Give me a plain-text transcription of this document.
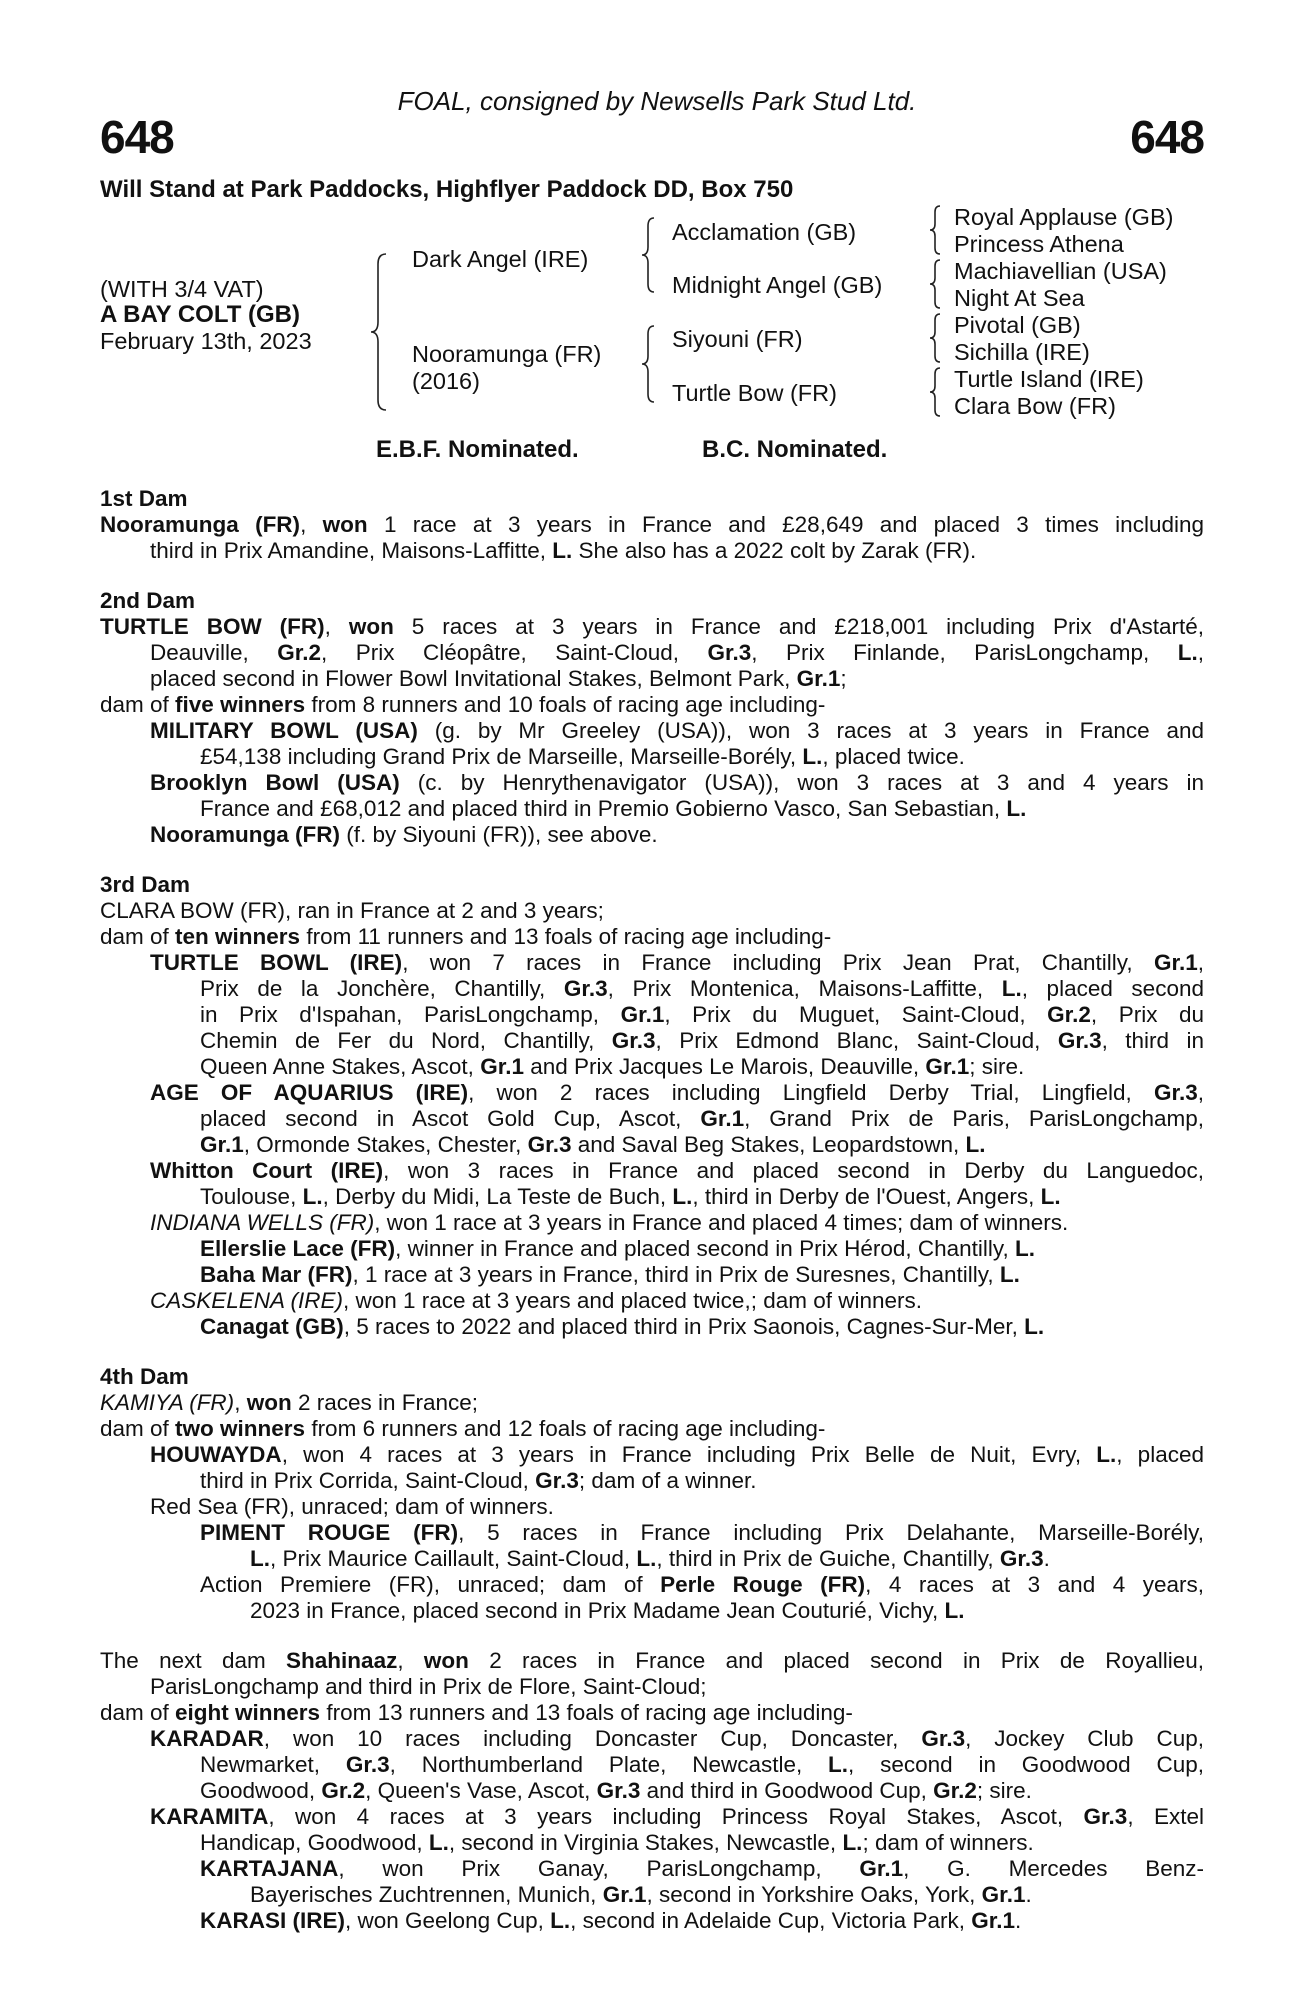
FOAL, consigned by Newsells Park Stud Ltd.
648	648
Will Stand at Park Paddocks, Highflyer Paddock DD, Box 750
(WITH 3/4 VAT)
A BAY COLT (GB)
February 13th, 2023
Dark Angel (IRE)
Nooramunga (FR)
(2016)
Acclamation (GB)
Midnight Angel (GB)
Siyouni (FR)
Turtle Bow (FR)
Royal Applause (GB)
Princess Athena
Machiavellian (USA)
Night At Sea
Pivotal (GB)
Sichilla (IRE)
Turtle Island (IRE)
Clara Bow (FR)
E.B.F. Nominated.	B.C. Nominated.
1st Dam
Nooramunga (FR), won 1 race at 3 years in France and £28,649 and placed 3 times including
third in Prix Amandine, Maisons-Laffitte, L. She also has a 2022 colt by Zarak (FR).
2nd Dam
TURTLE BOW (FR), won 5 races at 3 years in France and £218,001 including Prix d'Astarté,
Deauville, Gr.2, Prix Cléopâtre, Saint-Cloud, Gr.3, Prix Finlande, ParisLongchamp, L.,
placed second in Flower Bowl Invitational Stakes, Belmont Park, Gr.1;
dam of five winners from 8 runners and 10 foals of racing age including-
MILITARY BOWL (USA) (g. by Mr Greeley (USA)), won 3 races at 3 years in France and
£54,138 including Grand Prix de Marseille, Marseille-Borély, L., placed twice.
Brooklyn Bowl (USA) (c. by Henrythenavigator (USA)), won 3 races at 3 and 4 years in
France and £68,012 and placed third in Premio Gobierno Vasco, San Sebastian, L.
Nooramunga (FR) (f. by Siyouni (FR)), see above.
3rd Dam
CLARA BOW (FR), ran in France at 2 and 3 years;
dam of ten winners from 11 runners and 13 foals of racing age including-
TURTLE BOWL (IRE), won 7 races in France including Prix Jean Prat, Chantilly, Gr.1,
Prix de la Jonchère, Chantilly, Gr.3, Prix Montenica, Maisons-Laffitte, L., placed second
in Prix d'Ispahan, ParisLongchamp, Gr.1, Prix du Muguet, Saint-Cloud, Gr.2, Prix du
Chemin de Fer du Nord, Chantilly, Gr.3, Prix Edmond Blanc, Saint-Cloud, Gr.3, third in
Queen Anne Stakes, Ascot, Gr.1 and Prix Jacques Le Marois, Deauville, Gr.1; sire.
AGE OF AQUARIUS (IRE), won 2 races including Lingfield Derby Trial, Lingfield, Gr.3,
placed second in Ascot Gold Cup, Ascot, Gr.1, Grand Prix de Paris, ParisLongchamp,
Gr.1, Ormonde Stakes, Chester, Gr.3 and Saval Beg Stakes, Leopardstown, L.
Whitton Court (IRE), won 3 races in France and placed second in Derby du Languedoc,
Toulouse, L., Derby du Midi, La Teste de Buch, L., third in Derby de l'Ouest, Angers, L.
INDIANA WELLS (FR), won 1 race at 3 years in France and placed 4 times; dam of winners.
Ellerslie Lace (FR), winner in France and placed second in Prix Hérod, Chantilly, L.
Baha Mar (FR), 1 race at 3 years in France, third in Prix de Suresnes, Chantilly, L.
CASKELENA (IRE), won 1 race at 3 years and placed twice,; dam of winners.
Canagat (GB), 5 races to 2022 and placed third in Prix Saonois, Cagnes-Sur-Mer, L.
4th Dam
KAMIYA (FR), won 2 races in France;
dam of two winners from 6 runners and 12 foals of racing age including-
HOUWAYDA, won 4 races at 3 years in France including Prix Belle de Nuit, Evry, L., placed
third in Prix Corrida, Saint-Cloud, Gr.3; dam of a winner.
Red Sea (FR), unraced; dam of winners.
PIMENT ROUGE (FR), 5 races in France including Prix Delahante, Marseille-Borély,
L., Prix Maurice Caillault, Saint-Cloud, L., third in Prix de Guiche, Chantilly, Gr.3.
Action Premiere (FR), unraced; dam of Perle Rouge (FR), 4 races at 3 and 4 years,
2023 in France, placed second in Prix Madame Jean Couturié, Vichy, L.
The next dam Shahinaaz, won 2 races in France and placed second in Prix de Royallieu,
ParisLongchamp and third in Prix de Flore, Saint-Cloud;
dam of eight winners from 13 runners and 13 foals of racing age including-
KARADAR, won 10 races including Doncaster Cup, Doncaster, Gr.3, Jockey Club Cup,
Newmarket, Gr.3, Northumberland Plate, Newcastle, L., second in Goodwood Cup,
Goodwood, Gr.2, Queen's Vase, Ascot, Gr.3 and third in Goodwood Cup, Gr.2; sire.
KARAMITA, won 4 races at 3 years including Princess Royal Stakes, Ascot, Gr.3, Extel
Handicap, Goodwood, L., second in Virginia Stakes, Newcastle, L.; dam of winners.
KARTAJANA, won Prix Ganay, ParisLongchamp, Gr.1, G. Mercedes Benz-
Bayerisches Zuchtrennen, Munich, Gr.1, second in Yorkshire Oaks, York, Gr.1.
KARASI (IRE), won Geelong Cup, L., second in Adelaide Cup, Victoria Park, Gr.1.
